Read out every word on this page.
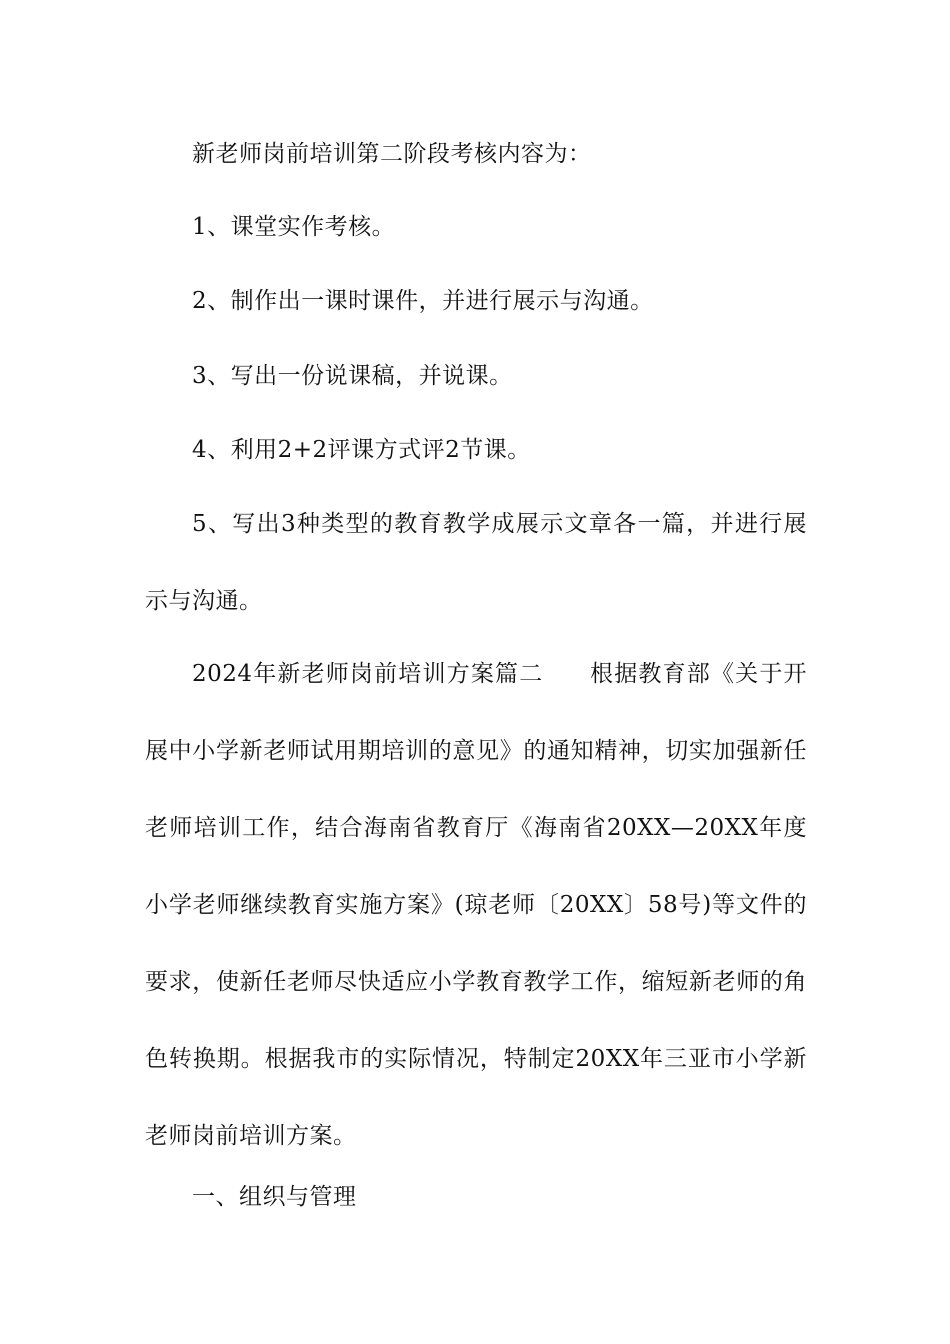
新老师岗前培训第二阶段考核内容为：

1、课堂实作考核。

2、制作出一课时课件，并进行展示与沟通。

3、写出一份说课稿，并说课。

4、利用2+2评课方式评2节课。

5、写出3种类型的教育教学成展示文章各一篇，并进行展示与沟通。

2024年新老师岗前培训方案篇二 根据教育部《关于开展中小学新老师试用期培训的意见》的通知精神，切实加强新任老师培训工作，结合海南省教育厅《海南省20XX—20XX年度小学老师继续教育实施方案》(琼老师〔20XX〕58号)等文件的要求，使新任老师尽快适应小学教育教学工作，缩短新老师的角色转换期。根据我市的实际情况，特制定20XX年三亚市小学新老师岗前培训方案。

一、组织与管理
